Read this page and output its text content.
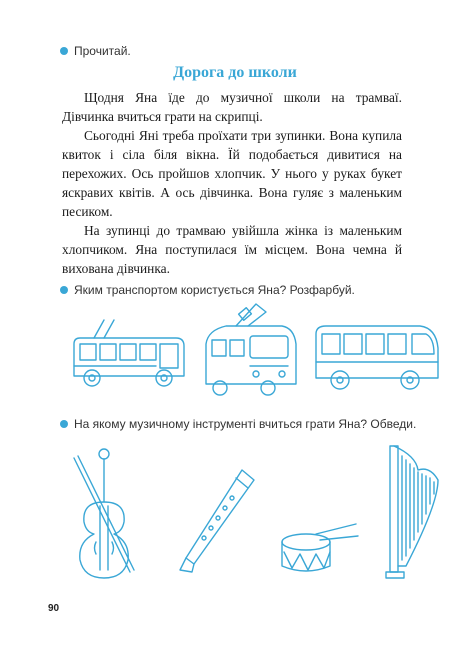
Прочитай.
Дорога до школи

Щодня Яна їде до музичної школи на трамваї. Дівчинка вчиться грати на скрипці.

Сьогодні Яні треба проїхати три зупинки. Вона купила квиток і сіла біля вікна. Їй подобається дивитися на перехожих. Ось пройшов хлопчик. У нього у руках букет яскравих квітів. А ось дівчинка. Вона гуляє з маленьким песиком.

На зупинці до трамваю увійшла жінка із маленьким хлопчиком. Яна поступилася їм місцем. Вона чемна й вихована дівчинка.

Яким транспортом користується Яна? Розфарбуй.
На якому музичному інструменті вчиться грати Яна? Обведи.
90
